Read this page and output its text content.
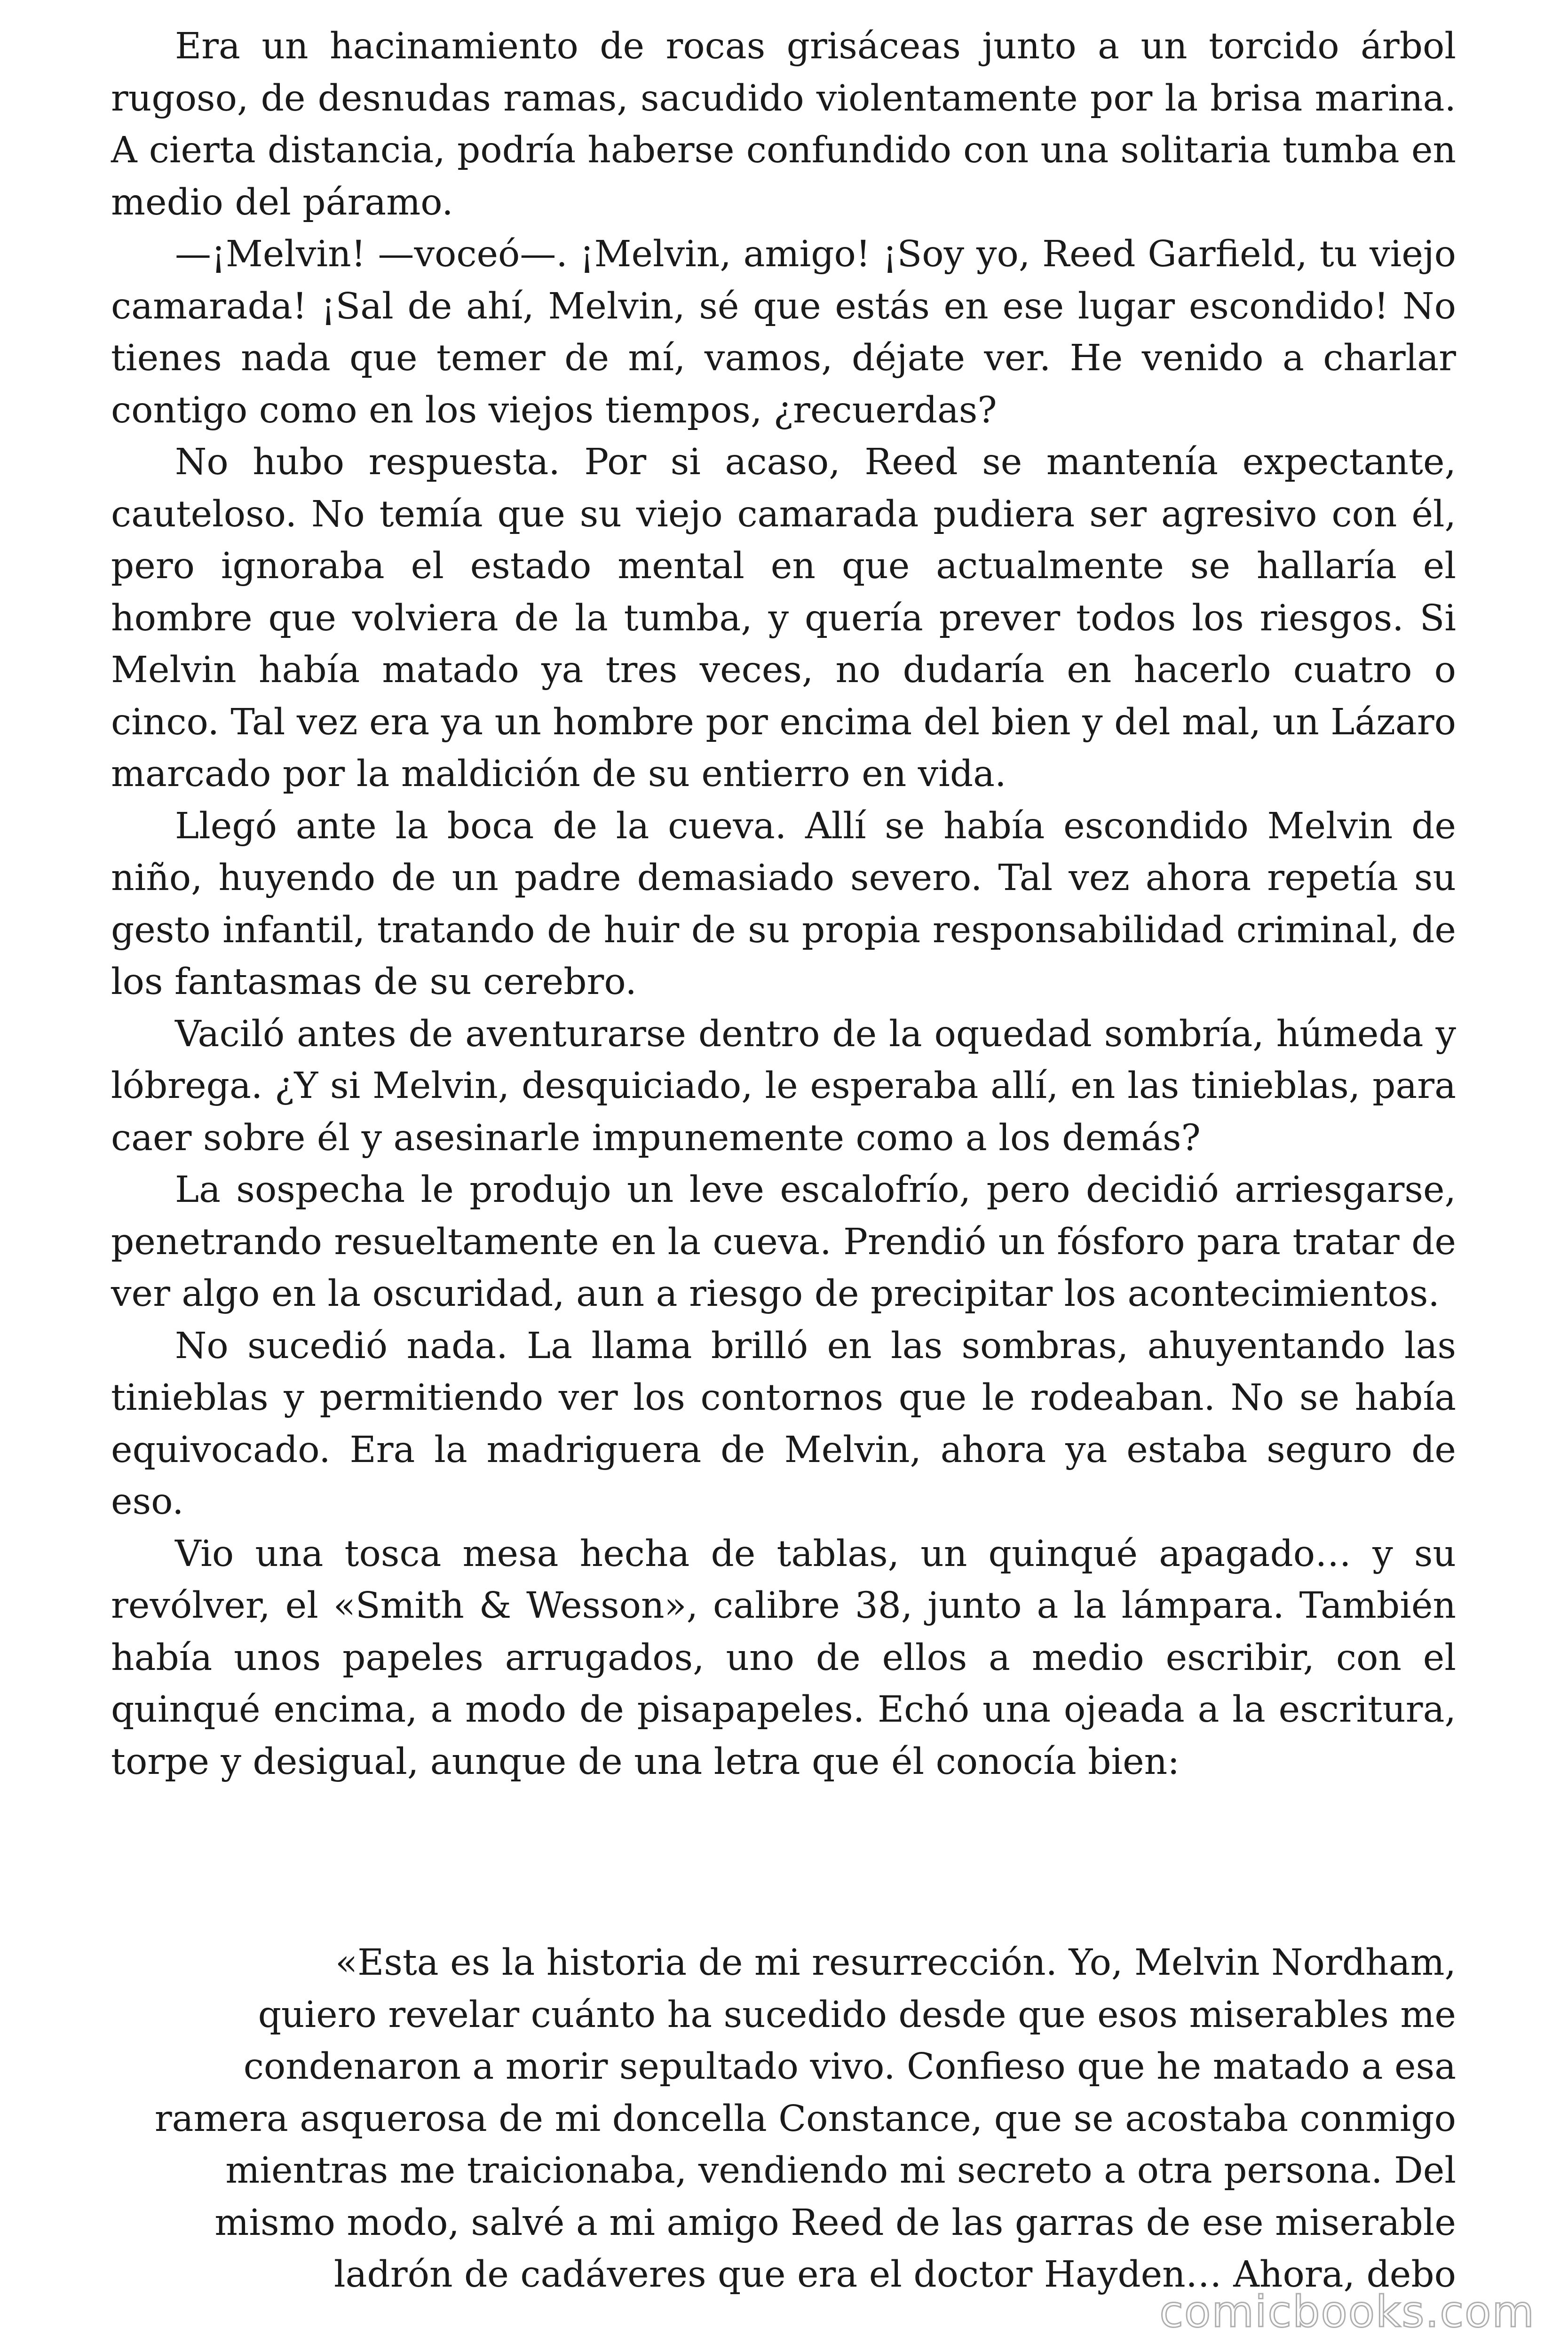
Era un hacinamiento de rocas grisáceas junto a un torcido árbol rugoso, de desnudas ramas, sacudido violentamente por la brisa marina. A cierta distancia, podría haberse confundido con una solitaria tumba en medio del páramo.

—¡Melvin! —voceó—. ¡Melvin, amigo! ¡Soy yo, Reed Garfield, tu viejo camarada! ¡Sal de ahí, Melvin, sé que estás en ese lugar escondido! No tienes nada que temer de mí, vamos, déjate ver. He venido a charlar contigo como en los viejos tiempos, ¿recuerdas?

No hubo respuesta. Por si acaso, Reed se mantenía expectante, cauteloso. No temía que su viejo camarada pudiera ser agresivo con él, pero ignoraba el estado mental en que actualmente se hallaría el hombre que volviera de la tumba, y quería prever todos los riesgos. Si Melvin había matado ya tres veces, no dudaría en hacerlo cuatro o cinco. Tal vez era ya un hombre por encima del bien y del mal, un Lázaro marcado por la maldición de su entierro en vida.

Llegó ante la boca de la cueva. Allí se había escondido Melvin de niño, huyendo de un padre demasiado severo. Tal vez ahora repetía su gesto infantil, tratando de huir de su propia responsabilidad criminal, de los fantasmas de su cerebro.

Vaciló antes de aventurarse dentro de la oquedad sombría, húmeda y lóbrega. ¿Y si Melvin, desquiciado, le esperaba allí, en las tinieblas, para caer sobre él y asesinarle impunemente como a los demás?

La sospecha le produjo un leve escalofrío, pero decidió arriesgarse, penetrando resueltamente en la cueva. Prendió un fósforo para tratar de ver algo en la oscuridad, aun a riesgo de precipitar los acontecimientos.

No sucedió nada. La llama brilló en las sombras, ahuyentando las tinieblas y permitiendo ver los contornos que le rodeaban. No se había equivocado. Era la madriguera de Melvin, ahora ya estaba seguro de eso.

Vio una tosca mesa hecha de tablas, un quinqué apagado… y su revólver, el «Smith & Wesson», calibre 38, junto a la lámpara. También había unos papeles arrugados, uno de ellos a medio escribir, con el quinqué encima, a modo de pisapapeles. Echó una ojeada a la escritura, torpe y desigual, aunque de una letra que él conocía bien:

«Esta es la historia de mi resurrección. Yo, Melvin Nordham,
quiero revelar cuánto ha sucedido desde que esos miserables me
condenaron a morir sepultado vivo. Confieso que he matado a esa
ramera asquerosa de mi doncella Constance, que se acostaba conmigo
mientras me traicionaba, vendiendo mi secreto a otra persona. Del
mismo modo, salvé a mi amigo Reed de las garras de ese miserable
ladrón de cadáveres que era el doctor Hayden… Ahora, debo
comicbooks.com
